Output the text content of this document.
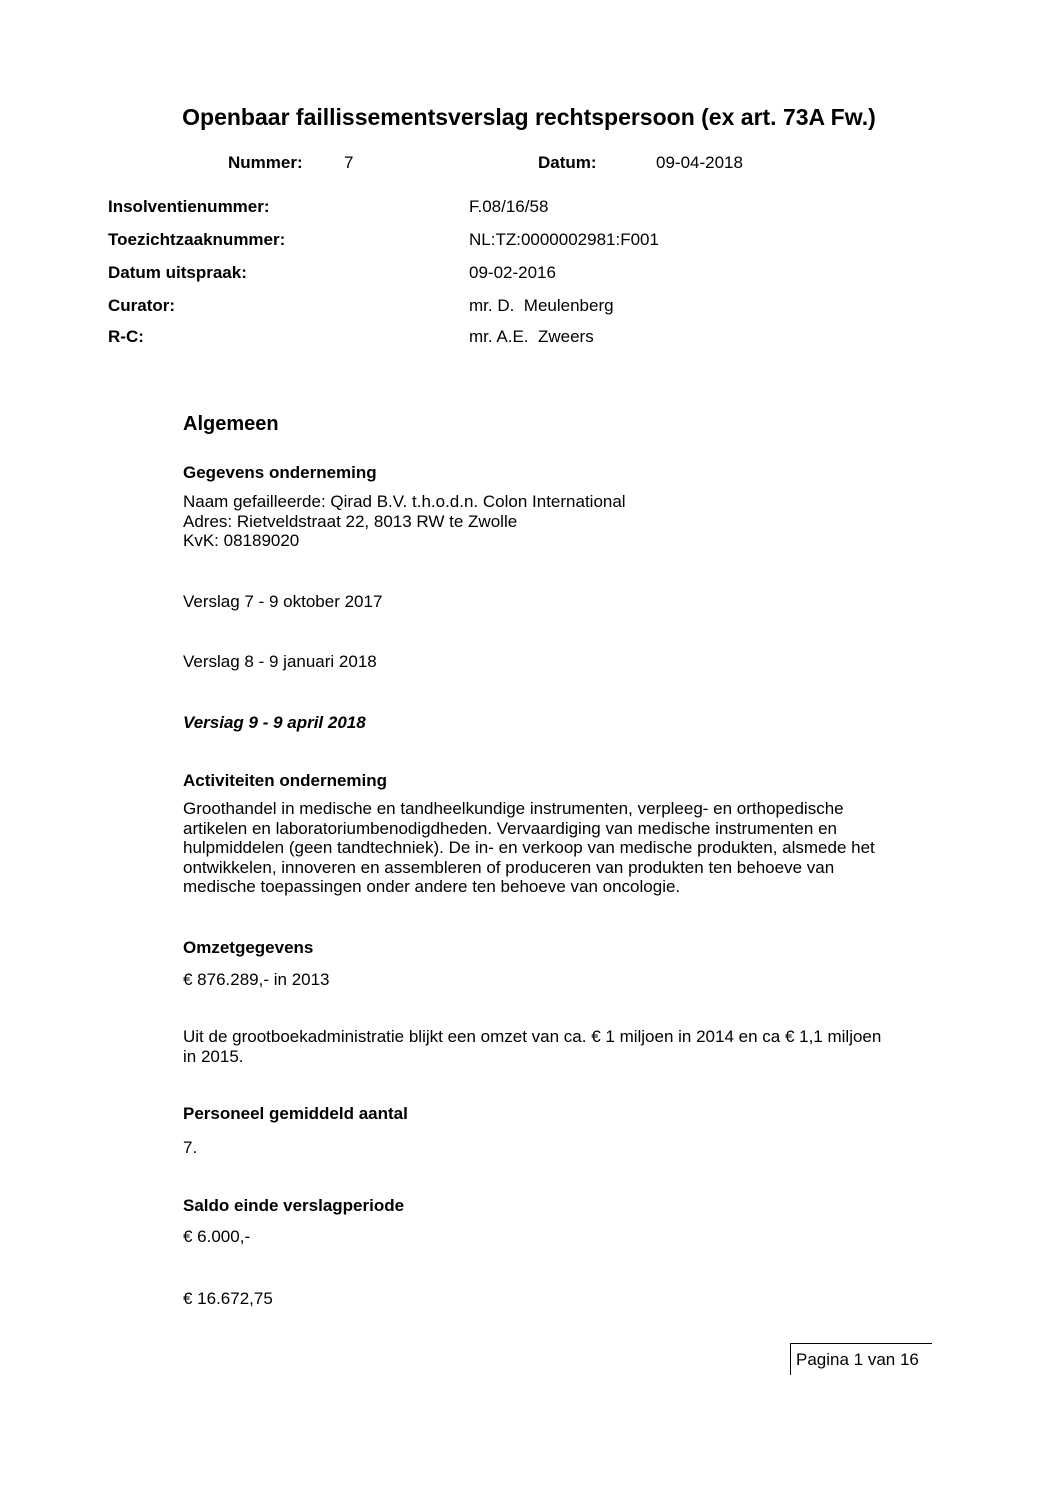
Openbaar faillissementsverslag rechtspersoon (ex art. 73A Fw.)
Nummer: 7	Datum:	09-04-2018
Insolventienummer:	F.08/16/58
Toezichtzaaknummer:	NL:TZ:0000002981:F001
Datum uitspraak:	09-02-2016
Curator:	mr. D.  Meulenberg
R-C:	mr. A.E.  Zweers
Algemeen
Gegevens onderneming
Naam gefailleerde: Qirad B.V. t.h.o.d.n. Colon International
Adres: Rietveldstraat 22, 8013 RW te Zwolle
KvK: 08189020
Verslag 7 - 9 oktober 2017
Verslag 8 - 9 januari 2018
Versiag 9 - 9 april 2018
Activiteiten onderneming
Groothandel in medische en tandheelkundige instrumenten, verpleeg- en orthopedische
artikelen en laboratoriumbenodigdheden. Vervaardiging van medische instrumenten en
hulpmiddelen (geen tandtechniek). De in- en verkoop van medische produkten, alsmede het
ontwikkelen, innoveren en assembleren of produceren van produkten ten behoeve van
medische toepassingen onder andere ten behoeve van oncologie.
Omzetgegevens
€ 876.289,- in 2013
Uit de grootboekadministratie blijkt een omzet van ca. € 1 miljoen in 2014 en ca € 1,1 miljoen
in 2015.
Personeel gemiddeld aantal
7.
Saldo einde verslagperiode
€ 6.000,-
€ 16.672,75
Pagina 1 van 16
